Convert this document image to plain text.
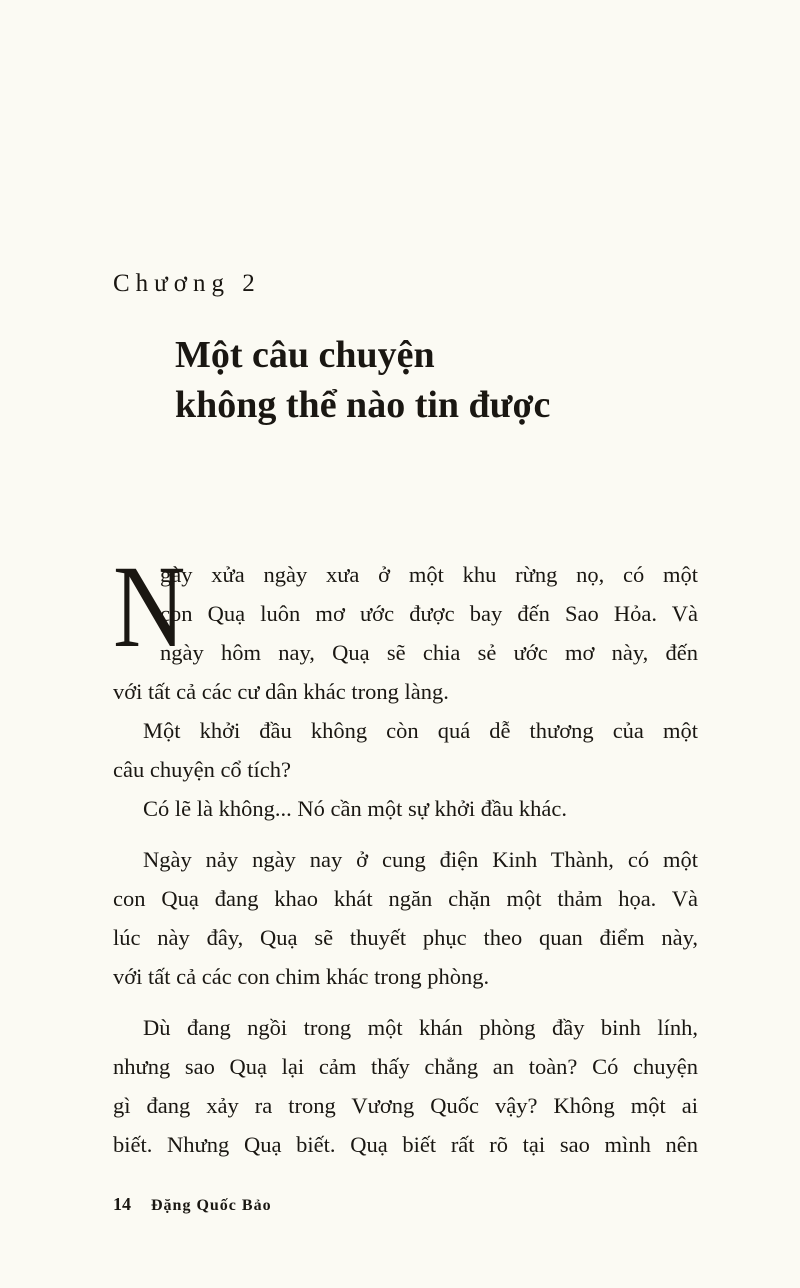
Chương 2
Một câu chuyện
không thể nào tin được
N
gày xửa ngày xưa ở một khu rừng nọ, có một
con Quạ luôn mơ ước được bay đến Sao Hỏa. Và
ngày hôm nay, Quạ sẽ chia sẻ ước mơ này, đến
với tất cả các cư dân khác trong làng.
Một khởi đầu không còn quá dễ thương của một
câu chuyện cổ tích?
Có lẽ là không... Nó cần một sự khởi đầu khác.
Ngày nảy ngày nay ở cung điện Kinh Thành, có một
con Quạ đang khao khát ngăn chặn một thảm họa. Và
lúc này đây, Quạ sẽ thuyết phục theo quan điểm này,
với tất cả các con chim khác trong phòng.
Dù đang ngồi trong một khán phòng đầy binh lính,
nhưng sao Quạ lại cảm thấy chẳng an toàn? Có chuyện
gì đang xảy ra trong Vương Quốc vậy? Không một ai
biết. Nhưng Quạ biết. Quạ biết rất rõ tại sao mình nên
14 Đặng Quốc Bảo
